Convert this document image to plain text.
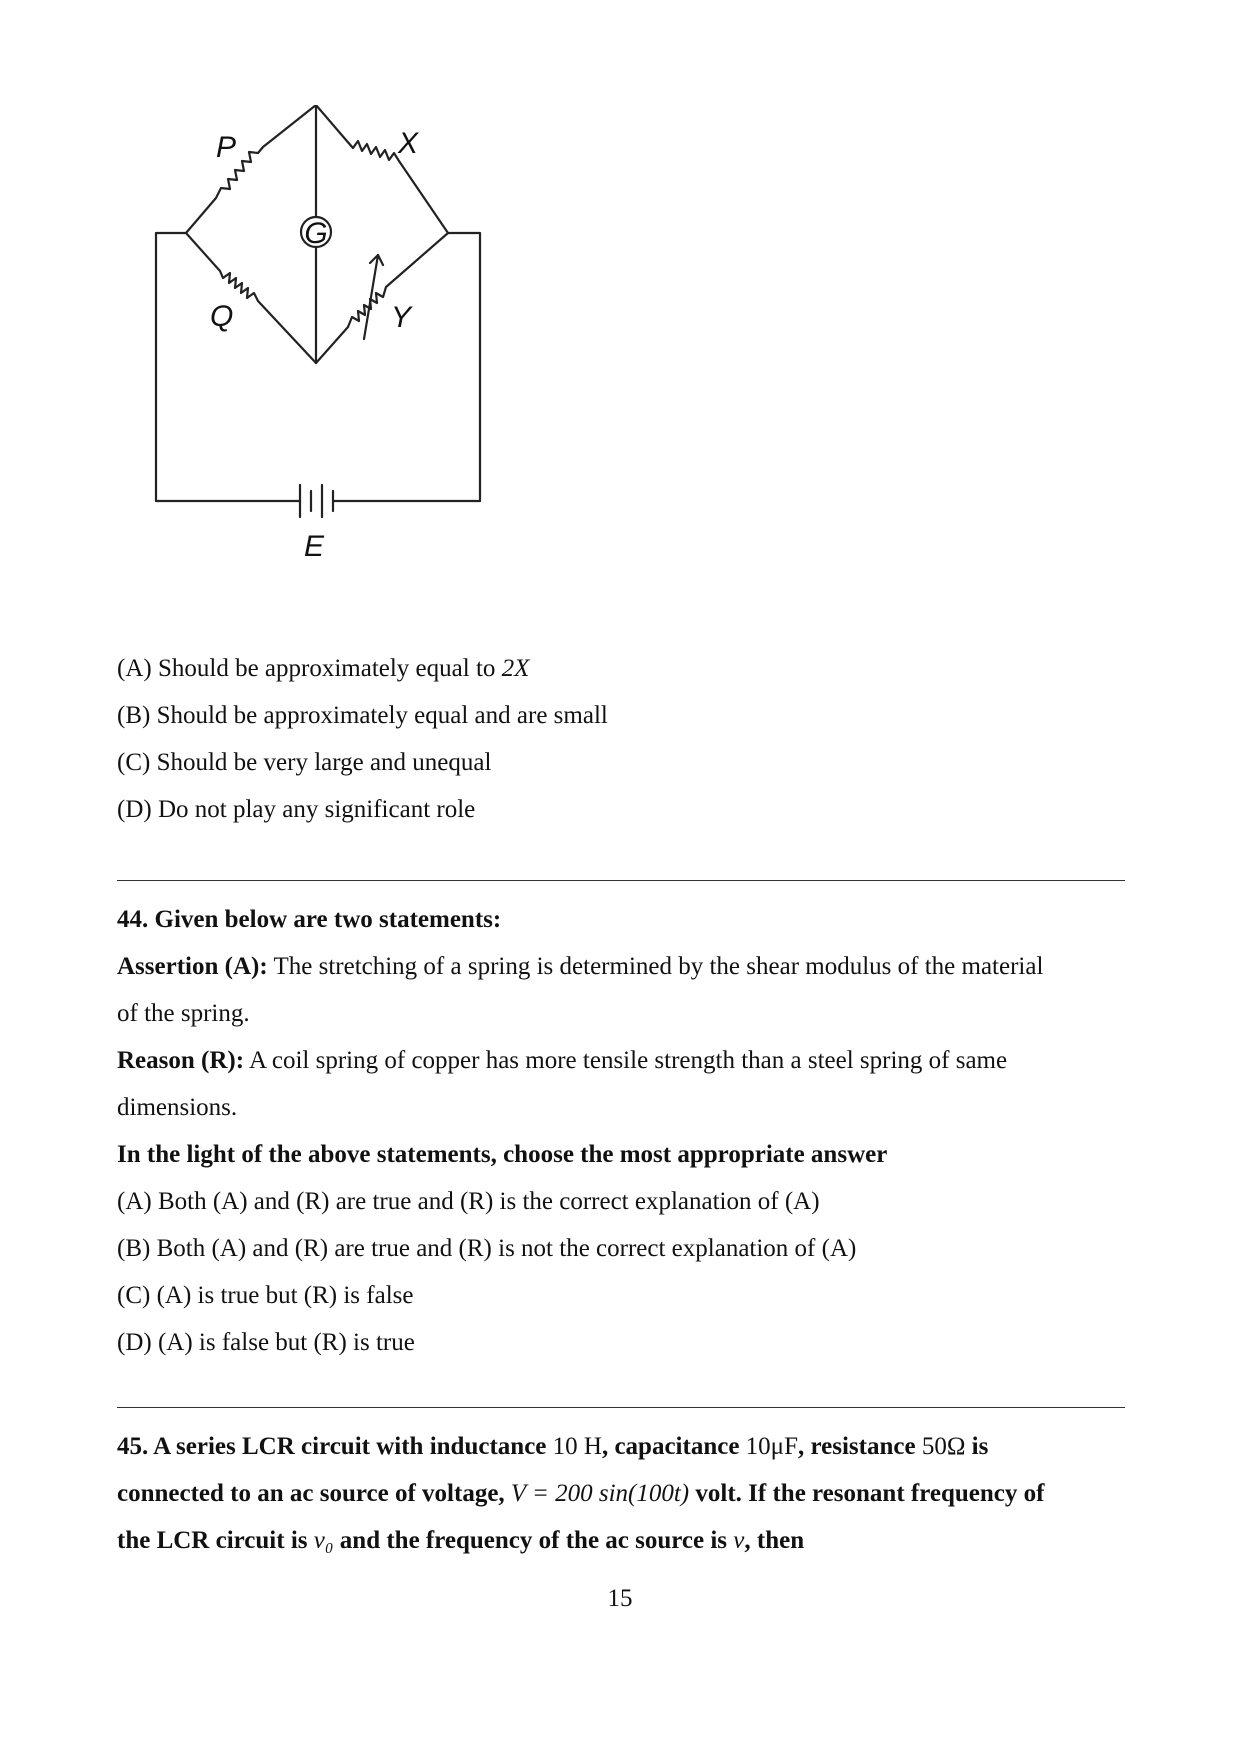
G
P	X
Q	Y
E
(A) Should be approximately equal to 2X
(B) Should be approximately equal and are small
(C) Should be very large and unequal
(D) Do not play any significant role
44. Given below are two statements:
Assertion (A): The stretching of a spring is determined by the shear modulus of the material
of the spring.
Reason (R): A coil spring of copper has more tensile strength than a steel spring of same
dimensions.
In the light of the above statements, choose the most appropriate answer
(A) Both (A) and (R) are true and (R) is the correct explanation of (A)
(B) Both (A) and (R) are true and (R) is not the correct explanation of (A)
(C) (A) is true but (R) is false
(D) (A) is false but (R) is true
45. A series LCR circuit with inductance 10 H, capacitance 10μF, resistance 50Ω is
connected to an ac source of voltage, V = 200 sin(100t) volt. If the resonant frequency of
the LCR circuit is ν₀ and the frequency of the ac source is ν, then
15
